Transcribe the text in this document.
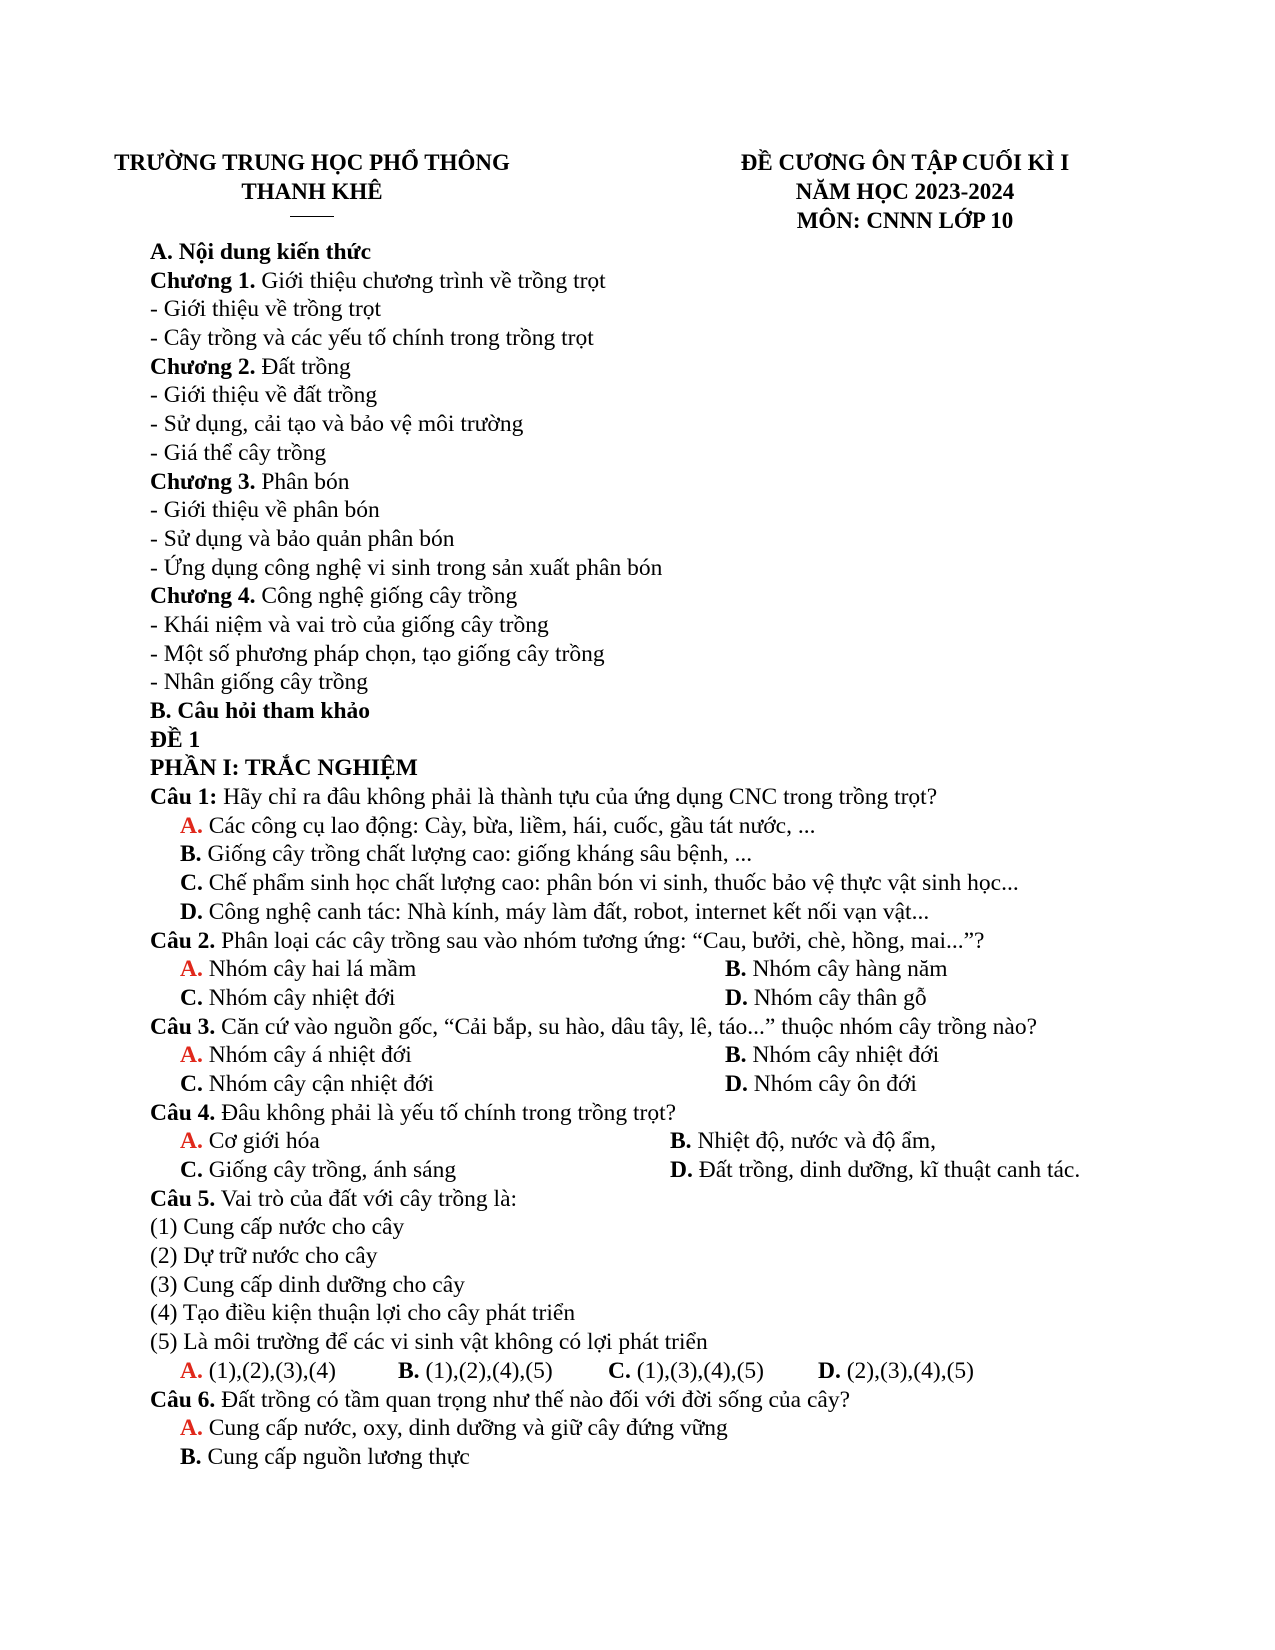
TRƯỜNG TRUNG HỌC PHỔ THÔNG
THANH KHÊ
ĐỀ CƯƠNG ÔN TẬP CUỐI KÌ I
NĂM HỌC 2023-2024
MÔN: CNNN LỚP 10
A. Nội dung kiến thức
Chương 1. Giới thiệu chương trình về trồng trọt
- Giới thiệu về trồng trọt
- Cây trồng và các yếu tố chính trong trồng trọt
Chương 2. Đất trồng
- Giới thiệu về đất trồng
- Sử dụng, cải tạo và bảo vệ môi trường
- Giá thể cây trồng
Chương 3. Phân bón
- Giới thiệu về phân bón
- Sử dụng và bảo quản phân bón
- Ứng dụng công nghệ vi sinh trong sản xuất phân bón
Chương 4. Công nghệ giống cây trồng
- Khái niệm và vai trò của giống cây trồng
- Một số phương pháp chọn, tạo giống cây trồng
- Nhân giống cây trồng
B. Câu hỏi tham khảo
ĐỀ 1
PHẦN I: TRẮC NGHIỆM
Câu 1: Hãy chỉ ra đâu không phải là thành tựu của ứng dụng CNC trong trồng trọt?
A. Các công cụ lao động: Cày, bừa, liềm, hái, cuốc, gầu tát nước, ...
B. Giống cây trồng chất lượng cao: giống kháng sâu bệnh, ...
C. Chế phẩm sinh học chất lượng cao: phân bón vi sinh, thuốc bảo vệ thực vật sinh học...
D. Công nghệ canh tác: Nhà kính, máy làm đất, robot, internet kết nối vạn vật...
Câu 2. Phân loại các cây trồng sau vào nhóm tương ứng: “Cau, bưởi, chè, hồng, mai...”?
A. Nhóm cây hai lá mầm	B. Nhóm cây hàng năm
C. Nhóm cây nhiệt đới	D. Nhóm cây thân gỗ
Câu 3. Căn cứ vào nguồn gốc, “Cải bắp, su hào, dâu tây, lê, táo...” thuộc nhóm cây trồng nào?
A. Nhóm cây á nhiệt đới	B. Nhóm cây nhiệt đới
C. Nhóm cây cận nhiệt đới	D. Nhóm cây ôn đới
Câu 4. Đâu không phải là yếu tố chính trong trồng trọt?
A. Cơ giới hóa	B. Nhiệt độ, nước và độ ẩm,
C. Giống cây trồng, ánh sáng	D. Đất trồng, dinh dưỡng, kĩ thuật canh tác.
Câu 5. Vai trò của đất với cây trồng là:
(1) Cung cấp nước cho cây
(2) Dự trữ nước cho cây
(3) Cung cấp dinh dưỡng cho cây
(4) Tạo điều kiện thuận lợi cho cây phát triển
(5) Là môi trường để các vi sinh vật không có lợi phát triển
A. (1),(2),(3),(4)	B. (1),(2),(4),(5) C. (1),(3),(4),(5) D. (2),(3),(4),(5)
Câu 6. Đất trồng có tầm quan trọng như thế nào đối với đời sống của cây?
A. Cung cấp nước, oxy, dinh dưỡng và giữ cây đứng vững
B. Cung cấp nguồn lương thực
